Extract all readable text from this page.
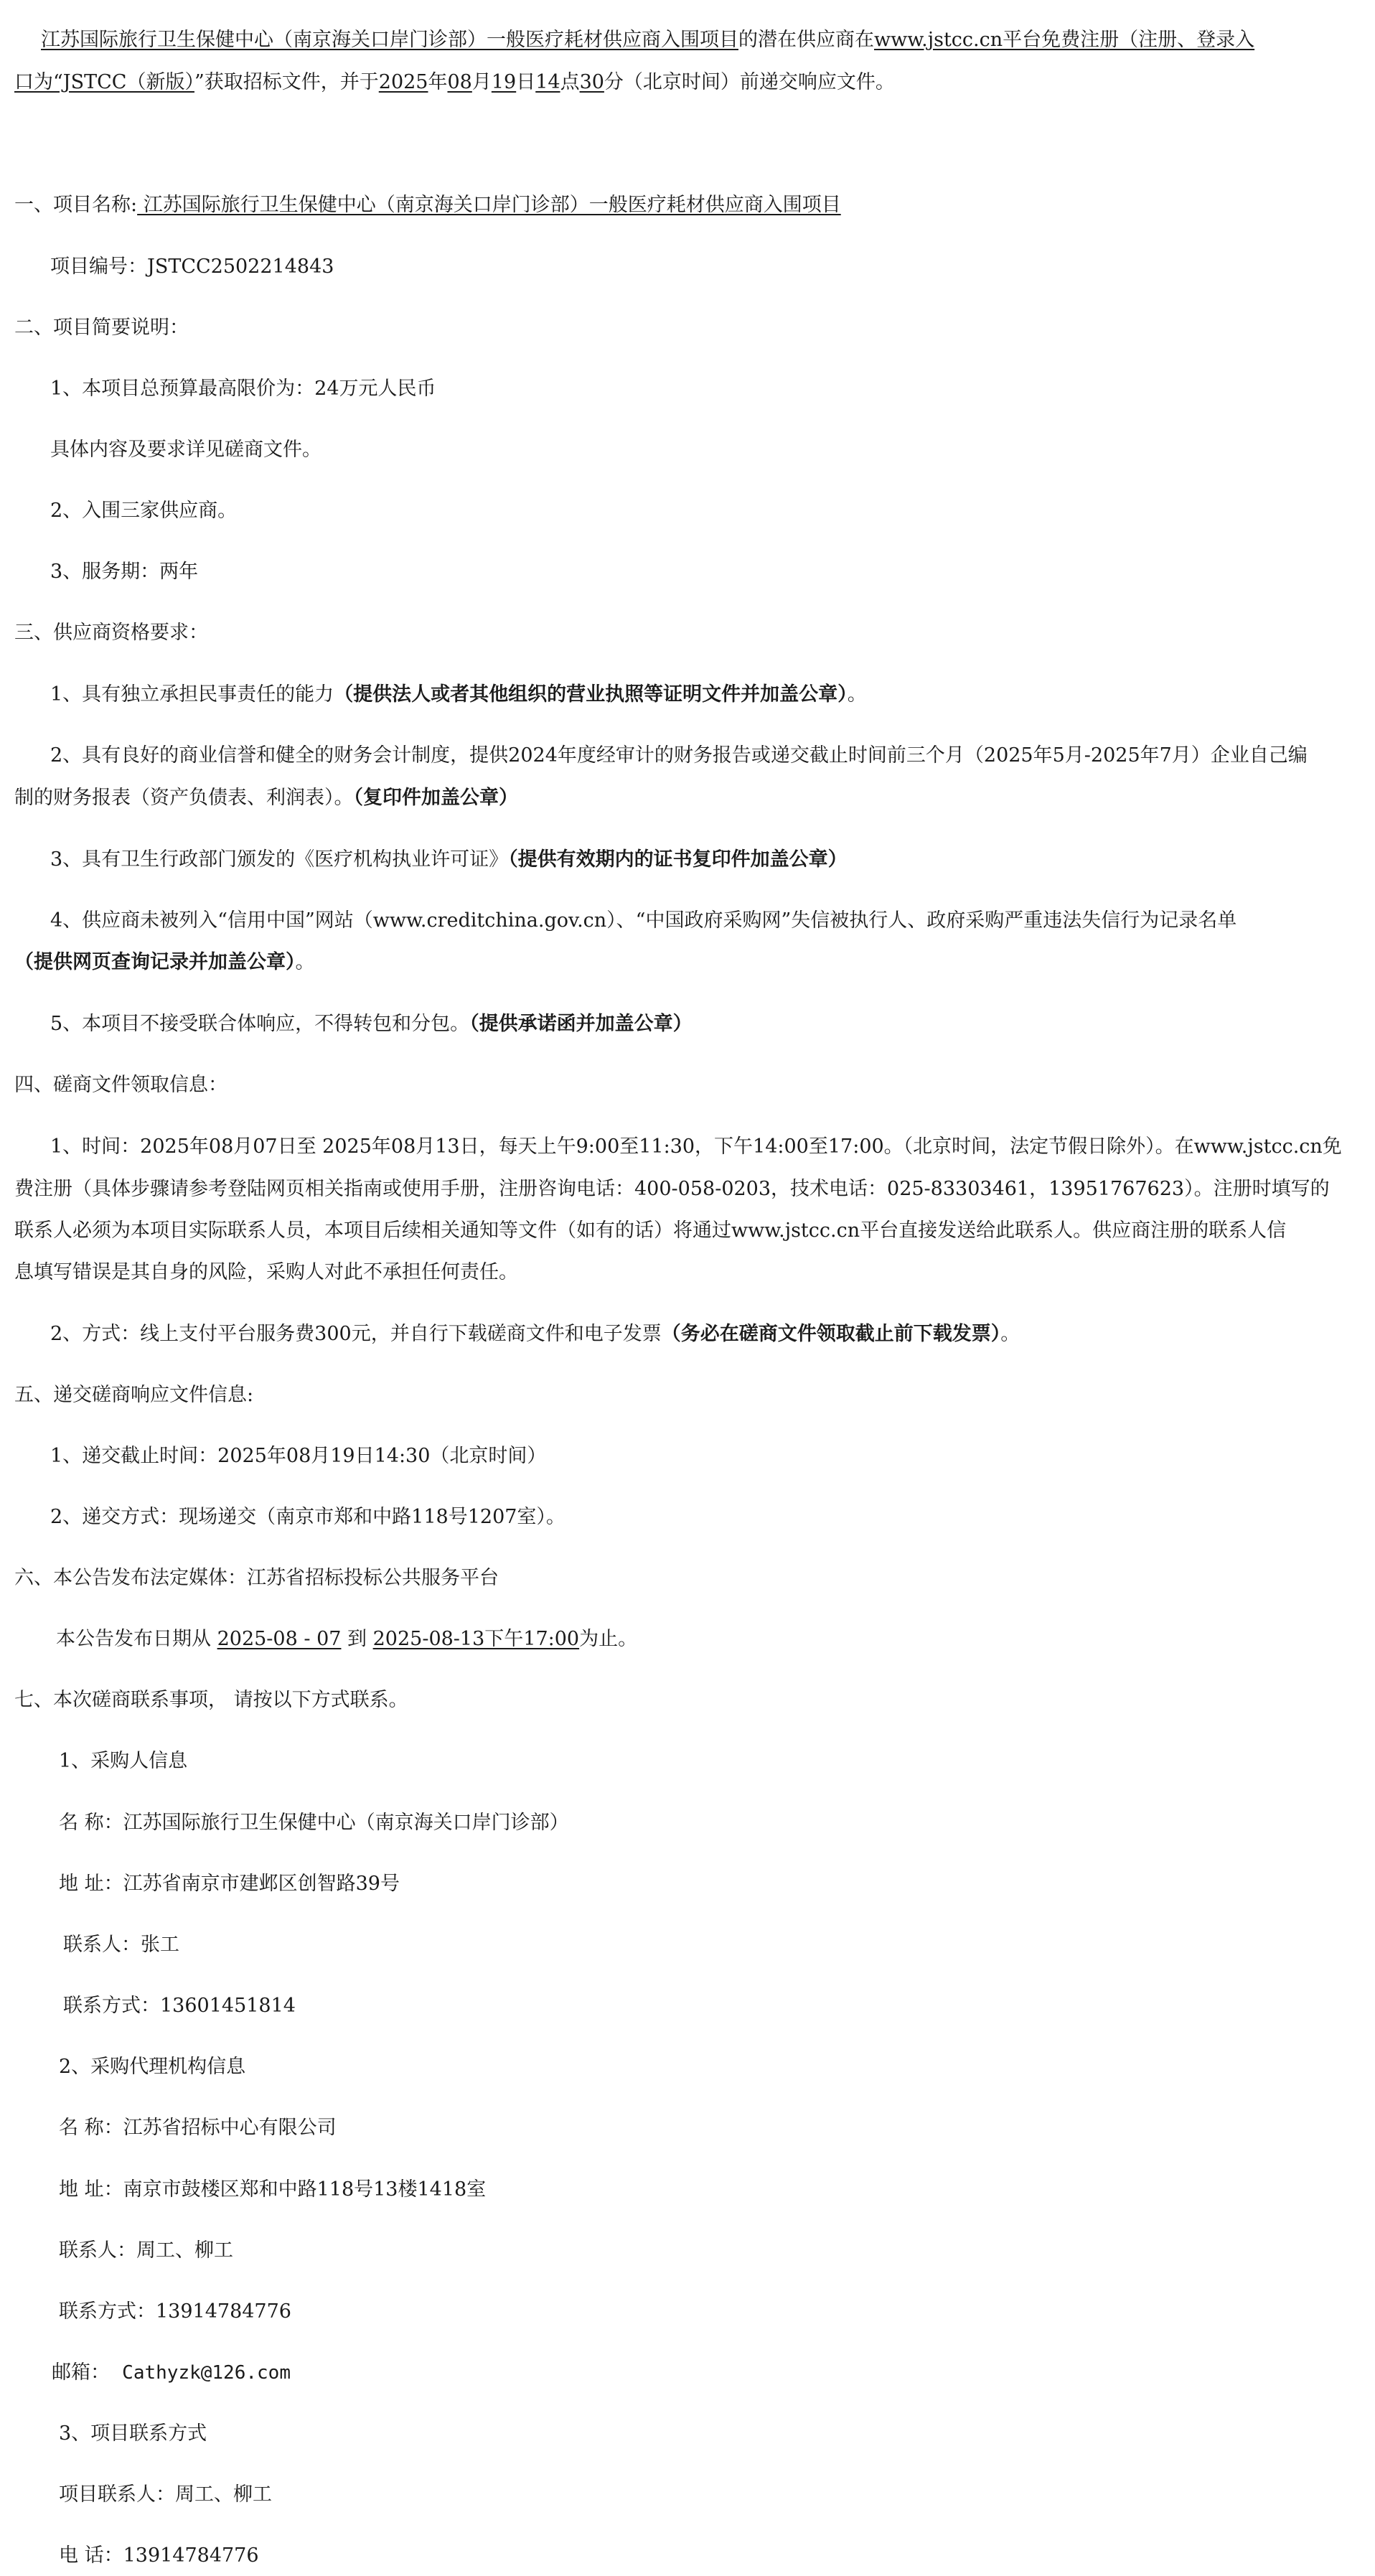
江苏国际旅行卫生保健中心（南京海关口岸门诊部）一般医疗耗材供应商入围项目的潜在供应商在www.jstcc.cn平台免费注册（注册、登录入
口为“JSTCC（新版）”获取招标文件，并于2025年08月19日14点30分（北京时间）前递交响应文件。
一、项目名称: 江苏国际旅行卫生保健中心（南京海关口岸门诊部）一般医疗耗材供应商入围项目
项目编号：JSTCC2502214843
二、项目简要说明：
1、本项目总预算最高限价为：24万元人民币
具体内容及要求详见磋商文件。
2、入围三家供应商。
3、服务期：两年
三、供应商资格要求：
1、具有独立承担民事责任的能力（提供法人或者其他组织的营业执照等证明文件并加盖公章）。
2、具有良好的商业信誉和健全的财务会计制度，提供2024年度经审计的财务报告或递交截止时间前三个月（2025年5月-2025年7月）企业自己编
制的财务报表（资产负债表、利润表）。（复印件加盖公章）
3、具有卫生行政部门颁发的《医疗机构执业许可证》（提供有效期内的证书复印件加盖公章）
4、供应商未被列入“信用中国”网站（www.creditchina.gov.cn）、“中国政府采购网”失信被执行人、政府采购严重违法失信行为记录名单
（提供网页查询记录并加盖公章）。
5、本项目不接受联合体响应，不得转包和分包。（提供承诺函并加盖公章）
四、磋商文件领取信息：
1、时间：2025年08月07日至 2025年08月13日，每天上午9:00至11:30，下午14:00至17:00。（北京时间，法定节假日除外）。在www.jstcc.cn免
费注册（具体步骤请参考登陆网页相关指南或使用手册，注册咨询电话：400-058-0203，技术电话：025-83303461，13951767623）。注册时填写的
联系人必须为本项目实际联系人员，本项目后续相关通知等文件（如有的话）将通过www.jstcc.cn平台直接发送给此联系人。供应商注册的联系人信
息填写错误是其自身的风险，采购人对此不承担任何责任。
2、方式：线上支付平台服务费300元，并自行下载磋商文件和电子发票（务必在磋商文件领取截止前下载发票）。
五、递交磋商响应文件信息:
1、递交截止时间：2025年08月19日14:30（北京时间）
2、递交方式：现场递交（南京市郑和中路118号1207室）。
六、本公告发布法定媒体：江苏省招标投标公共服务平台
本公告发布日期从 2025-08 - 07 到 2025-08-13下午17:00为止。
七、本次磋商联系事项， 请按以下方式联系。
1、采购人信息
名 称：江苏国际旅行卫生保健中心（南京海关口岸门诊部）
地 址：江苏省南京市建邺区创智路39号
联系人：张工
联系方式：13601451814
2、采购代理机构信息
名 称：江苏省招标中心有限公司
地 址：南京市鼓楼区郑和中路118号13楼1418室
联系人：周工、柳工
联系方式：13914784776
邮箱： Cathyzk@126.com
3、项目联系方式
项目联系人：周工、柳工
电 话：13914784776
